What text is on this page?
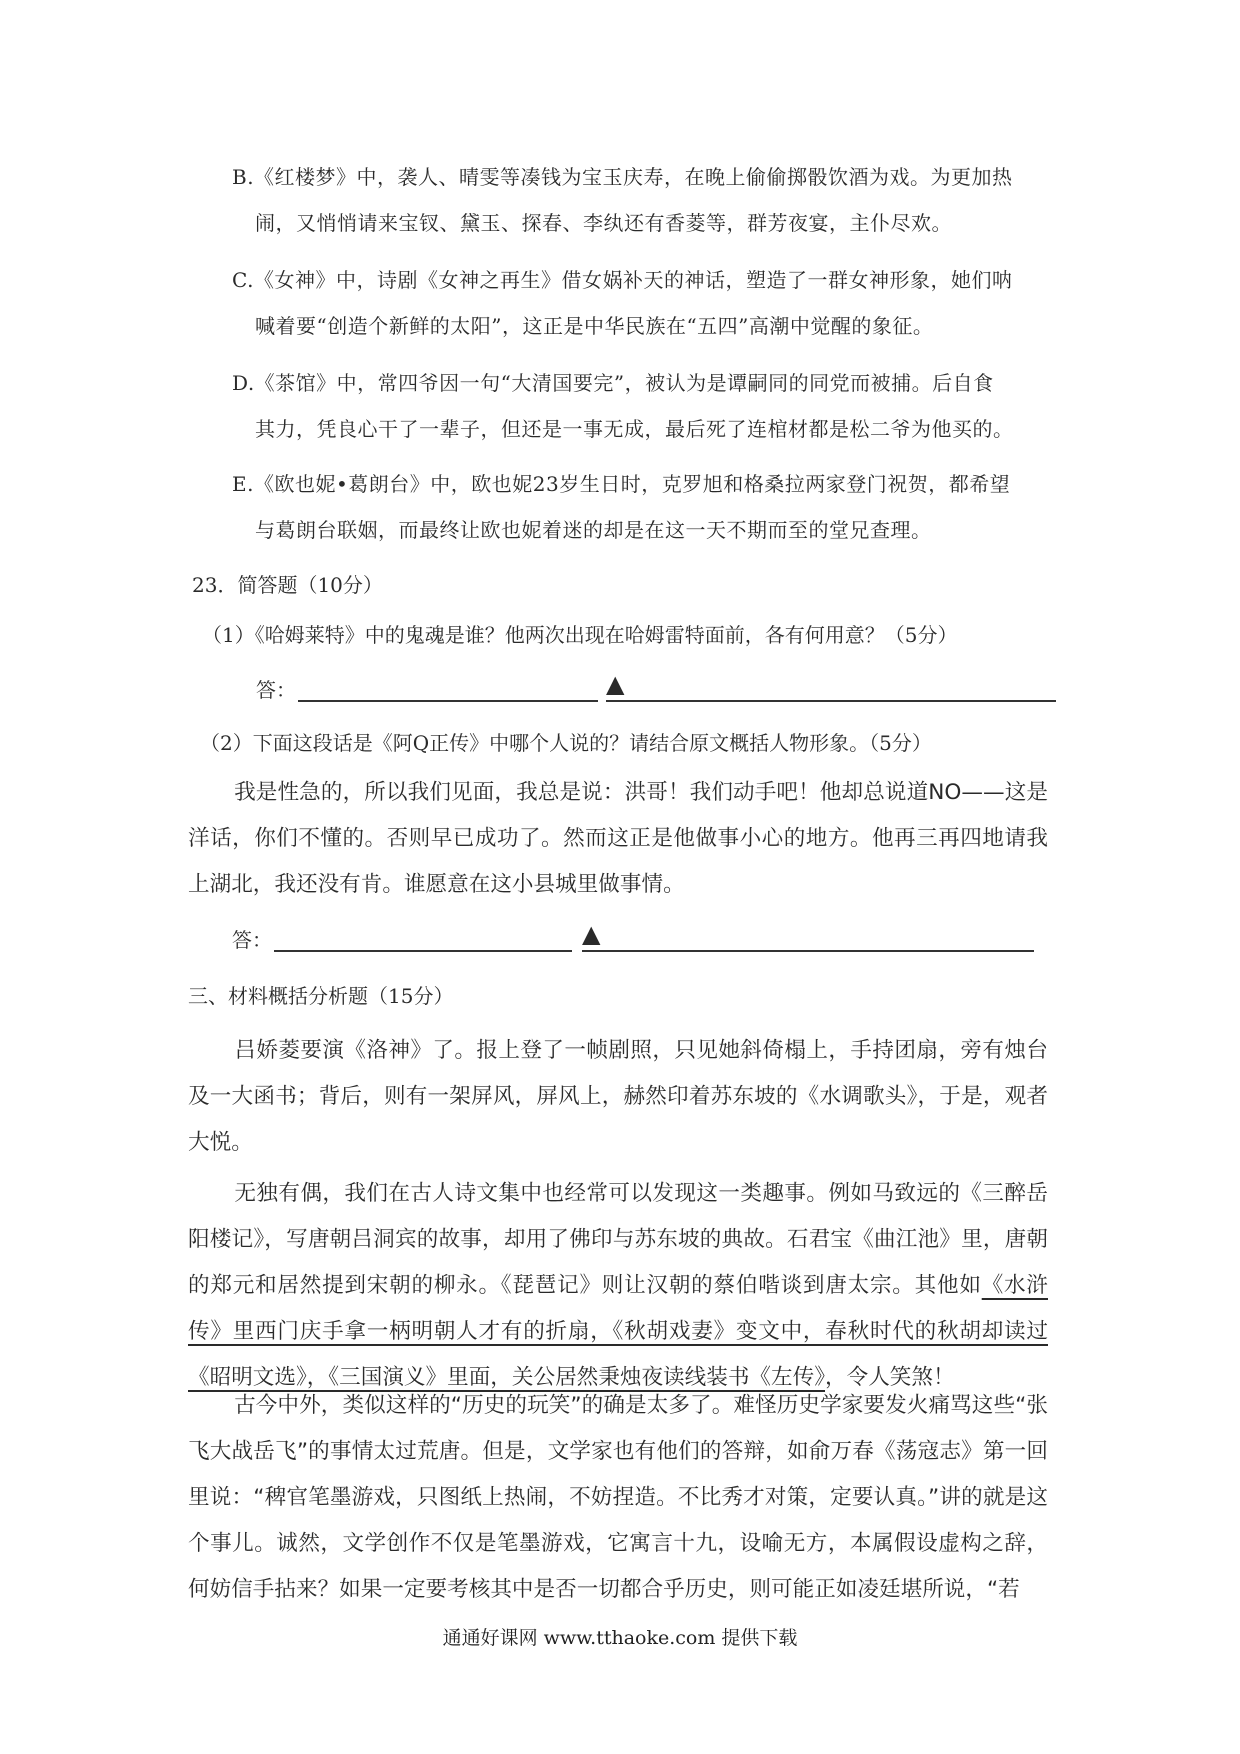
B.《红楼梦》中，袭人、晴雯等凑钱为宝玉庆寿，在晚上偷偷掷骰饮酒为戏。为更加热
闹，又悄悄请来宝钗、黛玉、探春、李纨还有香菱等，群芳夜宴，主仆尽欢。
C.《女神》中，诗剧《女神之再生》借女娲补天的神话，塑造了一群女神形象，她们呐
喊着要“创造个新鲜的太阳”，这正是中华民族在“五四”高潮中觉醒的象征。
D.《茶馆》中，常四爷因一句“大清国要完”，被认为是谭嗣同的同党而被捕。后自食
其力，凭良心干了一辈子，但还是一事无成，最后死了连棺材都是松二爷为他买的。
E.《欧也妮•葛朗台》中，欧也妮23岁生日时，克罗旭和格桑拉两家登门祝贺，都希望
与葛朗台联姻，而最终让欧也妮着迷的却是在这一天不期而至的堂兄查理。
23．简答题（10分）
（1）《哈姆莱特》中的鬼魂是谁？他两次出现在哈姆雷特面前，各有何用意？（5分）
答：	▲
（2）下面这段话是《阿Q正传》中哪个人说的？请结合原文概括人物形象。（5分）
我是性急的，所以我们见面，我总是说：洪哥！我们动手吧！他却总说道NO——这是洋话，你们不懂的。否则早已成功了。然而这正是他做事小心的地方。他再三再四地请我上湖北，我还没有肯。谁愿意在这小县城里做事情。
答：	▲
三、材料概括分析题（15分）
吕娇菱要演《洛神》了。报上登了一帧剧照，只见她斜倚榻上，手持团扇，旁有烛台及一大函书；背后，则有一架屏风，屏风上，赫然印着苏东坡的《水调歌头》，于是，观者大悦。
无独有偶，我们在古人诗文集中也经常可以发现这一类趣事。例如马致远的《三醉岳阳楼记》，写唐朝吕洞宾的故事，却用了佛印与苏东坡的典故。石君宝《曲江池》里，唐朝的郑元和居然提到宋朝的柳永。《琵琶记》则让汉朝的蔡伯喈谈到唐太宗。其他如《水浒传》里西门庆手拿一柄明朝人才有的折扇，《秋胡戏妻》变文中，春秋时代的秋胡却读过《昭明文选》，《三国演义》里面，关公居然秉烛夜读线装书《左传》，令人笑煞！
古今中外，类似这样的“历史的玩笑”的确是太多了。难怪历史学家要发火痛骂这些“张飞大战岳飞”的事情太过荒唐。但是，文学家也有他们的答辩，如俞万春《荡寇志》第一回里说：“稗官笔墨游戏，只图纸上热闹，不妨捏造。不比秀才对策，定要认真。”讲的就是这个事儿。诚然，文学创作不仅是笔墨游戏，它寓言十九，设喻无方，本属假设虚构之辞，何妨信手拈来？如果一定要考核其中是否一切都合乎历史，则可能正如凌廷堪所说，“若
通通好课网 www.tthaoke.com 提供下载
